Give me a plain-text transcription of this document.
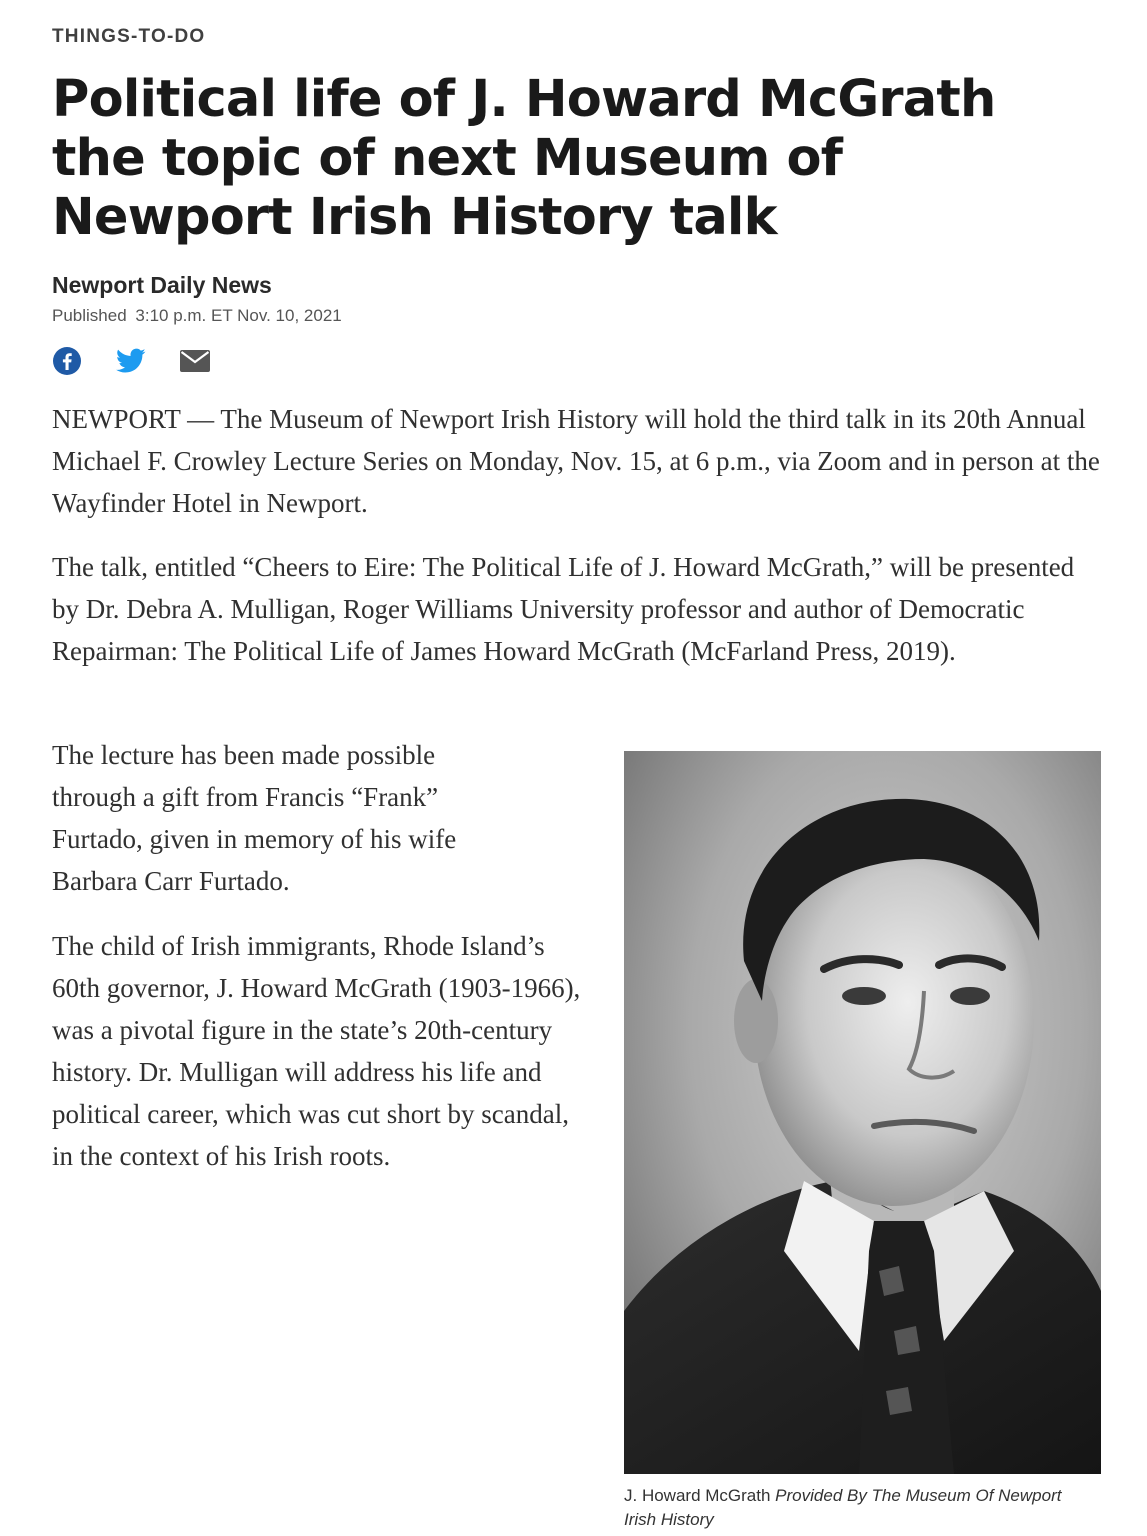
THINGS-TO-DO
Political life of J. Howard McGrath the topic of next Museum of Newport Irish History talk
Newport Daily News
Published 3:10 p.m. ET Nov. 10, 2021

NEWPORT — The Museum of Newport Irish History will hold the third talk in its 20th Annual Michael F. Crowley Lecture Series on Monday, Nov. 15, at 6 p.m., via Zoom and in person at the Wayfinder Hotel in Newport.

The talk, entitled “Cheers to Eire: The Political Life of J. Howard McGrath,” will be presented by Dr. Debra A. Mulligan, Roger Williams University professor and author of Democratic Repairman: The Political Life of James Howard McGrath (McFarland Press, 2019).

The lecture has been made possible through a gift from Francis “Frank” Furtado, given in memory of his wife Barbara Carr Furtado.

The child of Irish immigrants, Rhode Island’s 60th governor, J. Howard McGrath (1903-1966), was a pivotal figure in the state’s 20th-century history. Dr. Mulligan will address his life and political career, which was cut short by scandal, in the context of his Irish roots.

J. Howard McGrath Provided By The Museum Of Newport Irish History
